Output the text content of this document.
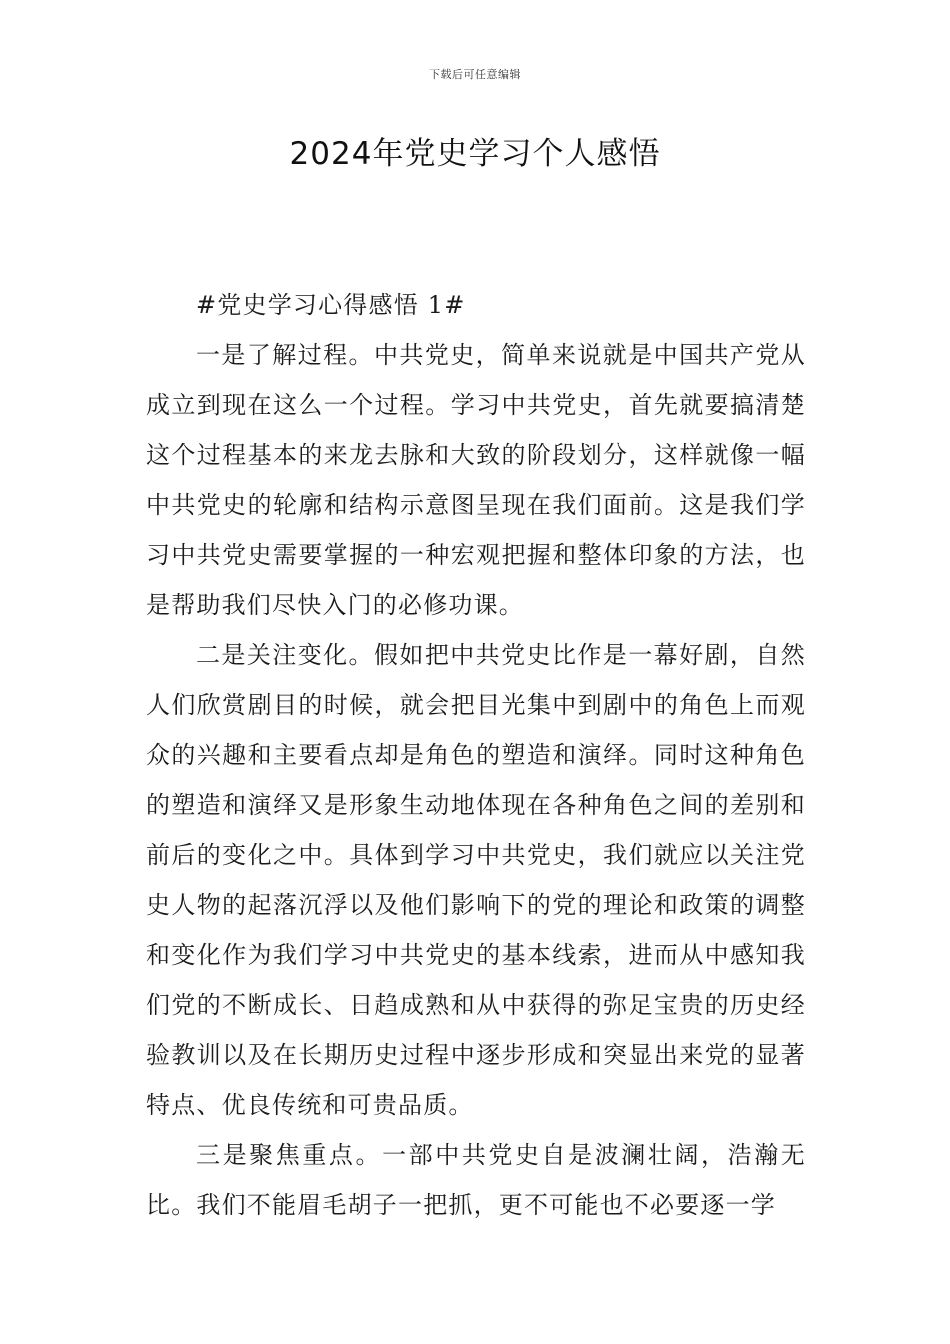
下载后可任意编辑
2024年党史学习个人感悟

#党史学习心得感悟 1#

一是了解过程。中共党史，简单来说就是中国共产党从成立到现在这么一个过程。学习中共党史，首先就要搞清楚这个过程基本的来龙去脉和大致的阶段划分，这样就像一幅中共党史的轮廓和结构示意图呈现在我们面前。这是我们学习中共党史需要掌握的一种宏观把握和整体印象的方法，也是帮助我们尽快入门的必修功课。

二是关注变化。假如把中共党史比作是一幕好剧，自然人们欣赏剧目的时候，就会把目光集中到剧中的角色上而观众的兴趣和主要看点却是角色的塑造和演绎。同时这种角色的塑造和演绎又是形象生动地体现在各种角色之间的差别和前后的变化之中。具体到学习中共党史，我们就应以关注党史人物的起落沉浮以及他们影响下的党的理论和政策的调整和变化作为我们学习中共党史的基本线索，进而从中感知我们党的不断成长、日趋成熟和从中获得的弥足宝贵的历史经验教训以及在长期历史过程中逐步形成和突显出来党的显著特点、优良传统和可贵品质。

三是聚焦重点。一部中共党史自是波澜壮阔，浩瀚无比。我们不能眉毛胡子一把抓，更不可能也不必要逐一学
